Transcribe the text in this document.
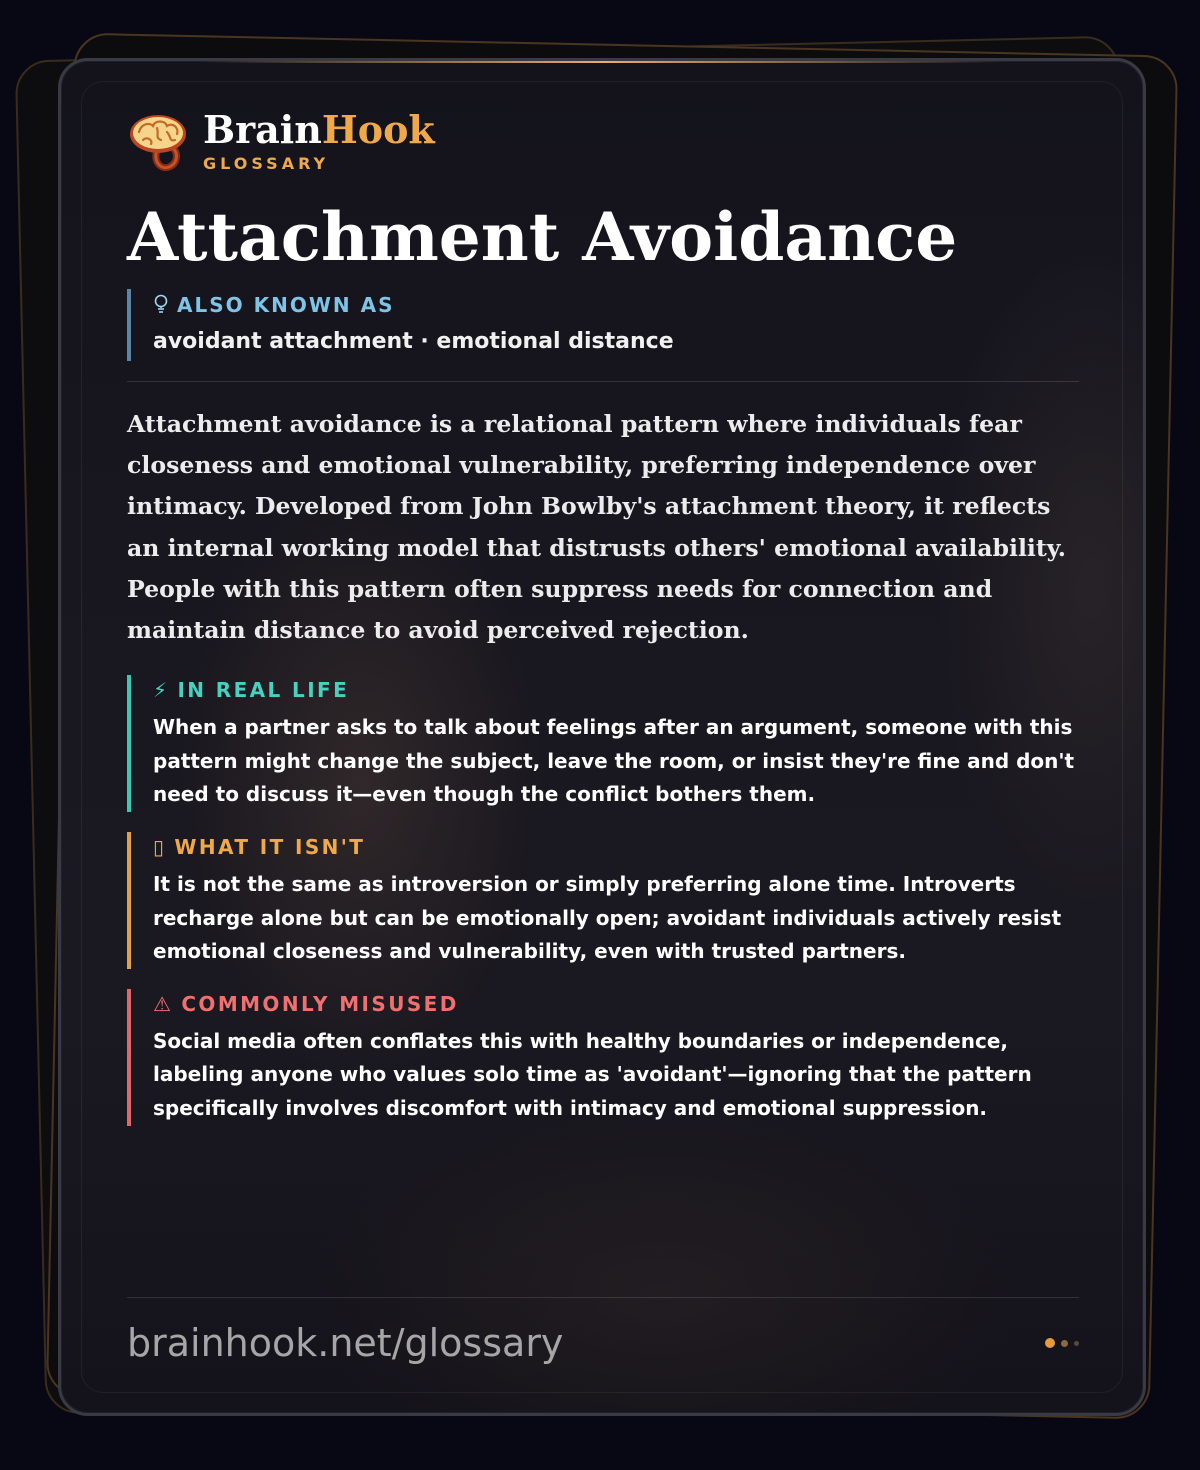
BrainHook
GLOSSARY
Attachment Avoidance
ALSO KNOWN AS
avoidant attachment · emotional distance
Attachment avoidance is a relational pattern where individuals fear closeness and emotional vulnerability, preferring independence over intimacy. Developed from John Bowlby's attachment theory, it reflects an internal working model that distrusts others' emotional availability. People with this pattern often suppress needs for connection and maintain distance to avoid perceived rejection.
⚡ IN REAL LIFE
When a partner asks to talk about feelings after an argument, someone with this pattern might change the subject, leave the room, or insist they're fine and don't need to discuss it—even though the conflict bothers them.
▯ WHAT IT ISN'T
It is not the same as introversion or simply preferring alone time. Introverts recharge alone but can be emotionally open; avoidant individuals actively resist emotional closeness and vulnerability, even with trusted partners.
⚠ COMMONLY MISUSED
Social media often conflates this with healthy boundaries or independence, labeling anyone who values solo time as 'avoidant'—ignoring that the pattern specifically involves discomfort with intimacy and emotional suppression.
brainhook.net/glossary
